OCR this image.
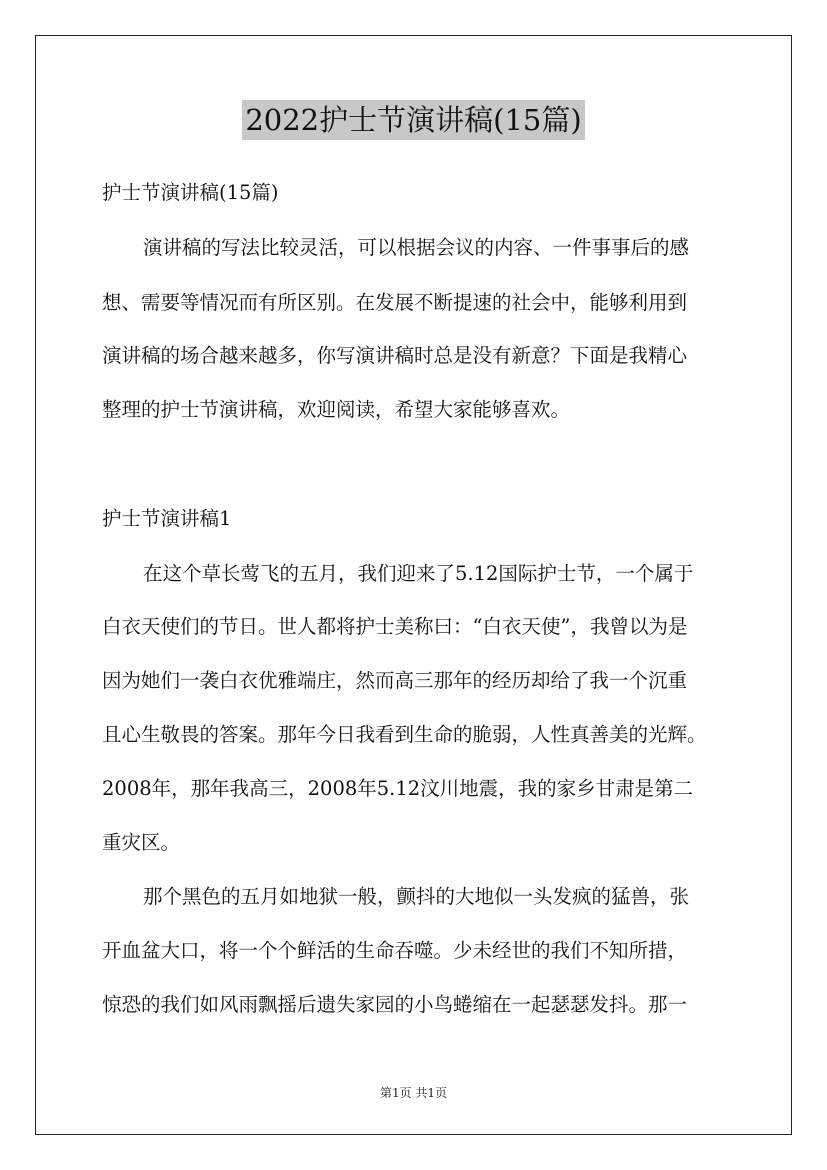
2022护士节演讲稿(15篇)
护士节演讲稿(15篇)
演讲稿的写法比较灵活，可以根据会议的内容、一件事事后的感
想、需要等情况而有所区别。在发展不断提速的社会中，能够利用到
演讲稿的场合越来越多，你写演讲稿时总是没有新意？下面是我精心
整理的护士节演讲稿，欢迎阅读，希望大家能够喜欢。
护士节演讲稿1
在这个草长莺飞的五月，我们迎来了5.12国际护士节，一个属于
白衣天使们的节日。世人都将护士美称曰：“白衣天使”，我曾以为是
因为她们一袭白衣优雅端庄，然而高三那年的经历却给了我一个沉重
且心生敬畏的答案。那年今日我看到生命的脆弱，人性真善美的光辉。
2008年，那年我高三，2008年5.12汶川地震，我的家乡甘肃是第二
重灾区。
那个黑色的五月如地狱一般，颤抖的大地似一头发疯的猛兽，张
开血盆大口，将一个个鲜活的生命吞噬。少未经世的我们不知所措，
惊恐的我们如风雨飘摇后遗失家园的小鸟蜷缩在一起瑟瑟发抖。那一
第1页 共1页
